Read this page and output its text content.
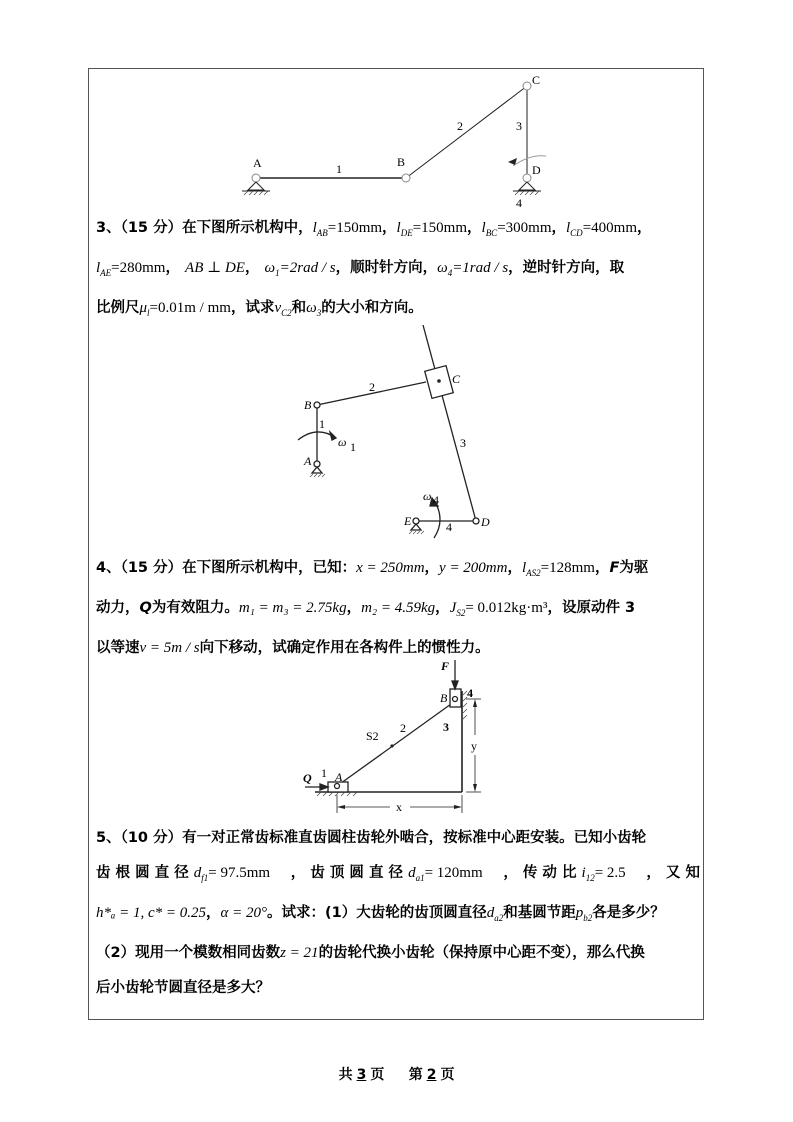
A	1	B
2
C
3
D
4
3、（15 分）在下图所示机构中，$l_{AB}=150mm$，$l_{DE}=150mm$，$l_{BC}=300mm$，$l_{CD}=400mm$，
$l_{AE}=280mm$， AB ⊥ DE， $\omega_1=2rad / s$，顺时针方向，$\omega_4=1rad / s$，逆时针方向，取
比例尺$\mu_l=0.01m$ / mm，试求$v_{C2}$和$\omega_3$的大小和方向。
B
1
ω 1
A
2
C
3
ω 4
E	4 D
4、（15 分）在下图所示机构中，已知：x = 250mm，y = 200mm，$l_{AS2}=128mm$，F为驱
动力，Q为有效阻力。m₁ = m₃ = 2.75kg，m₂ = 4.59kg，$J_{S2}= 0.012kg\cdot m^3$，设原动件 3
以等速v = 5m / s向下移动，试确定作用在各构件上的惯性力。
F
B 4
3
2
S2
Q 1 A
x
y
5、（10 分）有一对正常齿标准直齿圆柱齿轮外啮合，按标准中心距安装。已知小齿轮
齿 根 圆 直 径 $d_{f1}= 97.5mm$ ， 齿 顶 圆 直 径 $d_{a1}= 120mm$ ， 传 动 比 $i_{12}= 2.5$ ， 又 知
h*ₐ = 1, c* = 0.25，α = 20°。试求：(1）大齿轮的齿顶圆直径$d_{a2}$和基圆节距$p_{b2}$各是多少？
（2）现用一个模数相同齿数z = 21的齿轮代换小齿轮（保持原中心距不变），那么代换
后小齿轮节圆直径是多大？
共 3 页 第 2 页
